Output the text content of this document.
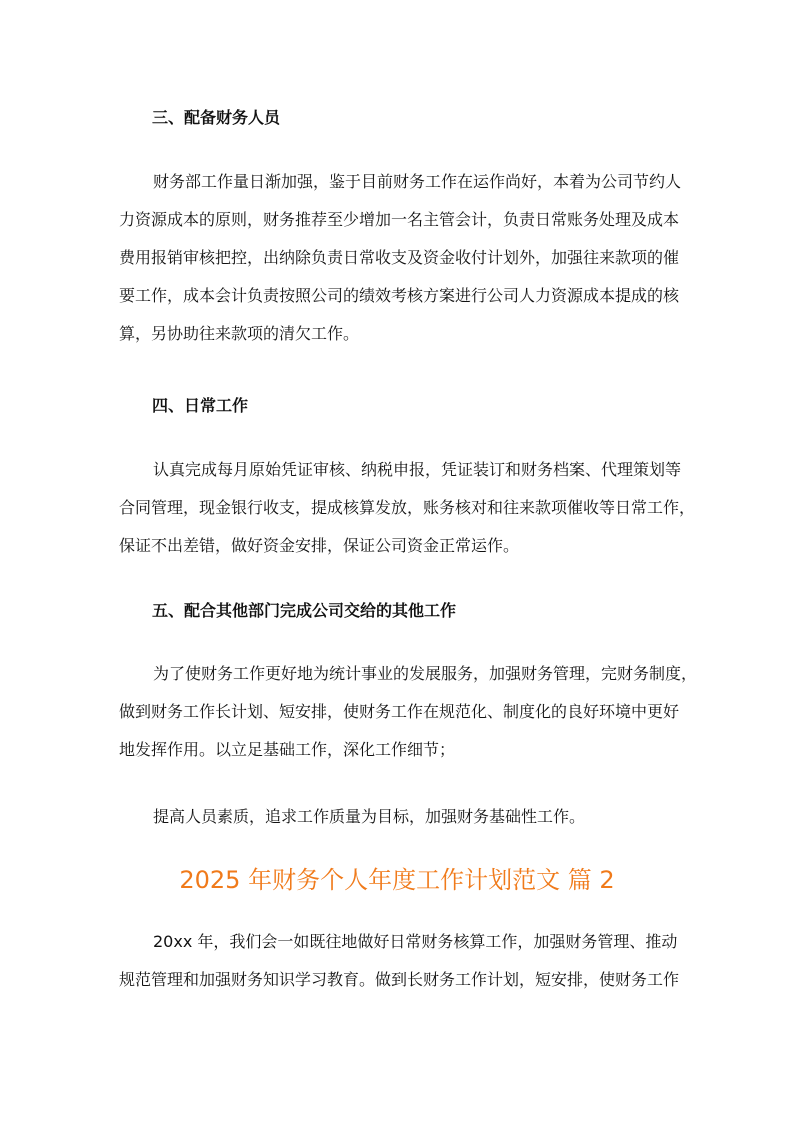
三、配备财务人员
财务部工作量日渐加强，鉴于目前财务工作在运作尚好，本着为公司节约人
力资源成本的原则，财务推荐至少增加一名主管会计，负责日常账务处理及成本
费用报销审核把控，出纳除负责日常收支及资金收付计划外，加强往来款项的催
要工作，成本会计负责按照公司的绩效考核方案进行公司人力资源成本提成的核
算，另协助往来款项的清欠工作。
四、日常工作
认真完成每月原始凭证审核、纳税申报，凭证装订和财务档案、代理策划等
合同管理，现金银行收支，提成核算发放，账务核对和往来款项催收等日常工作，
保证不出差错，做好资金安排，保证公司资金正常运作。
五、配合其他部门完成公司交给的其他工作
为了使财务工作更好地为统计事业的发展服务，加强财务管理，完财务制度，
做到财务工作长计划、短安排，使财务工作在规范化、制度化的良好环境中更好
地发挥作用。以立足基础工作，深化工作细节；
提高人员素质，追求工作质量为目标，加强财务基础性工作。
2025 年财务个人年度工作计划范文 篇 2
20xx 年，我们会一如既往地做好日常财务核算工作，加强财务管理、推动
规范管理和加强财务知识学习教育。做到长财务工作计划，短安排，使财务工作
